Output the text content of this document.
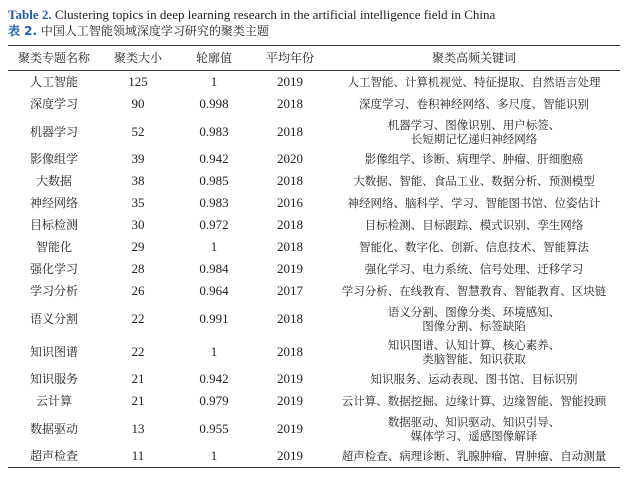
Table 2. Clustering topics in deep learning research in the artificial intelligence field in China
表 2. 中国人工智能领域深度学习研究的聚类主题
聚类专题名称	聚类大小	轮廓值	平均年份	聚类高频关键词
人工智能	125	1	2019	人工智能、计算机视觉、特征提取、自然语言处理

深度学习	90	0.998	2018	深度学习、卷积神经网络、多尺度、智能识别

机器学习	52	0.983	2018	机器学习、图像识别、用户标签、
长短期记忆递归神经网络

影像组学	39	0.942	2020	影像组学、诊断、病理学、肿瘤、肝细胞癌

大数据	38	0.985	2018	大数据、智能、食品工业、数据分析、预测模型

神经网络	35	0.983	2016	神经网络、脑科学、学习、智能图书馆、位姿估计

目标检测	30	0.972	2018	目标检测、目标跟踪、模式识别、孪生网络

智能化	29	1	2018	智能化、数字化、创新、信息技术、智能算法

强化学习	28	0.984	2019	强化学习、电力系统、信号处理、迁移学习

学习分析	26	0.964	2017	学习分析、在线教育、智慧教育、智能教育、区块链

语义分割	22	0.991	2018	语义分割、图像分类、环境感知、
图像分割、标签缺陷

知识图谱	22	1	2018	知识图谱、认知计算、核心素养、
类脑智能、知识获取

知识服务	21	0.942	2019	知识服务、运动表现、图书馆、目标识别

云计算	21	0.979	2019	云计算、数据挖掘、边缘计算、边缘智能、智能投顾

数据驱动	13	0.955	2019	数据驱动、知识驱动、知识引导、
媒体学习、遥感图像解译

超声检查	11	1	2019	超声检查、病理诊断、乳腺肿瘤、胃肿瘤、自动测量
